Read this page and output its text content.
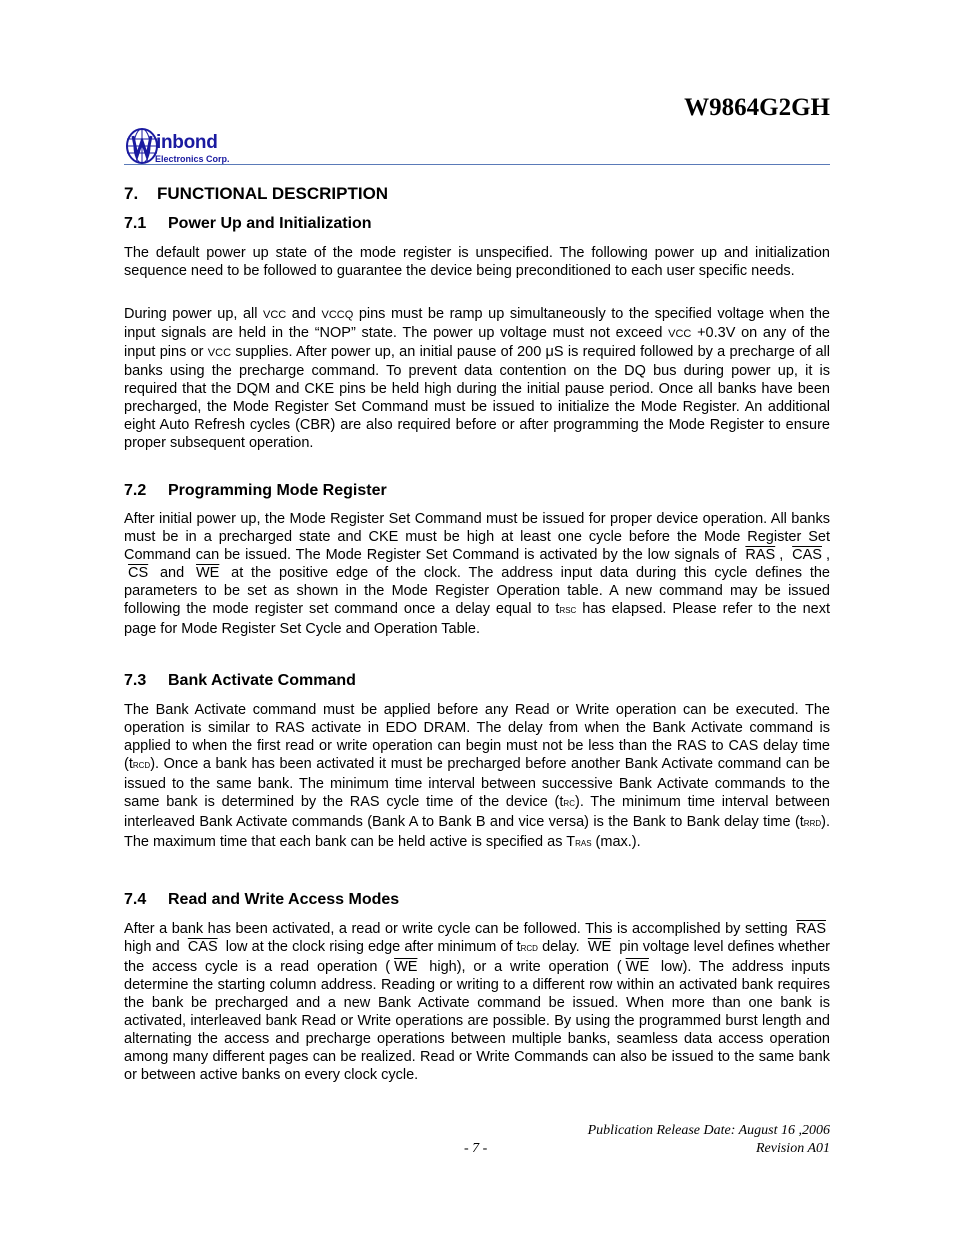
W9864G2GH
inbond
Electronics Corp.
7. FUNCTIONAL DESCRIPTION
7.1 Power Up and Initialization

The default power up state of the mode register is unspecified. The following power up and initialization sequence need to be followed to guarantee the device being preconditioned to each user specific needs.

During power up, all VCC and VCCQ pins must be ramp up simultaneously to the specified voltage when the input signals are held in the “NOP” state. The power up voltage must not exceed VCC +0.3V on any of the input pins or VCC supplies. After power up, an initial pause of 200 μS is required followed by a precharge of all banks using the precharge command. To prevent data contention on the DQ bus during power up, it is required that the DQM and CKE pins be held high during the initial pause period. Once all banks have been precharged, the Mode Register Set Command must be issued to initialize the Mode Register. An additional eight Auto Refresh cycles (CBR) are also required before or after programming the Mode Register to ensure proper subsequent operation.

7.2 Programming Mode Register

After initial power up, the Mode Register Set Command must be issued for proper device operation. All banks must be in a precharged state and CKE must be high at least one cycle before the Mode Register Set Command can be issued. The Mode Register Set Command is activated by the low signals of $\overline{RAS}$ , $\overline{CAS}$ , $\overline{CS}$ and $\overline{WE}$ at the positive edge of the clock. The address input data during this cycle defines the parameters to be set as shown in the Mode Register Operation table. A new command may be issued following the mode register set command once a delay equal to tRSC has elapsed. Please refer to the next page for Mode Register Set Cycle and Operation Table.

7.3 Bank Activate Command

The Bank Activate command must be applied before any Read or Write operation can be executed. The operation is similar to RAS activate in EDO DRAM. The delay from when the Bank Activate command is applied to when the first read or write operation can begin must not be less than the RAS to CAS delay time (tRCD). Once a bank has been activated it must be precharged before another Bank Activate command can be issued to the same bank. The minimum time interval between successive Bank Activate commands to the same bank is determined by the RAS cycle time of the device (tRC). The minimum time interval between interleaved Bank Activate commands (Bank A to Bank B and vice versa) is the Bank to Bank delay time (tRRD). The maximum time that each bank can be held active is specified as TRAS (max.).

7.4 Read and Write Access Modes

After a bank has been activated, a read or write cycle can be followed. This is accomplished by setting $\overline{RAS}$ high and $\overline{CAS}$ low at the clock rising edge after minimum of tRCD delay. $\overline{WE}$ pin voltage level defines whether the access cycle is a read operation ( $\overline{WE}$ high), or a write operation ( $\overline{WE}$ low). The address inputs determine the starting column address. Reading or writing to a different row within an activated bank requires the bank be precharged and a new Bank Activate command be issued. When more than one bank is activated, interleaved bank Read or Write operations are possible. By using the programmed burst length and alternating the access and precharge operations between multiple banks, seamless data access operation among many different pages can be realized. Read or Write Commands can also be issued to the same bank or between active banks on every clock cycle.

Publication Release Date: August 16 ,2006
- 7 -	Revision A01
